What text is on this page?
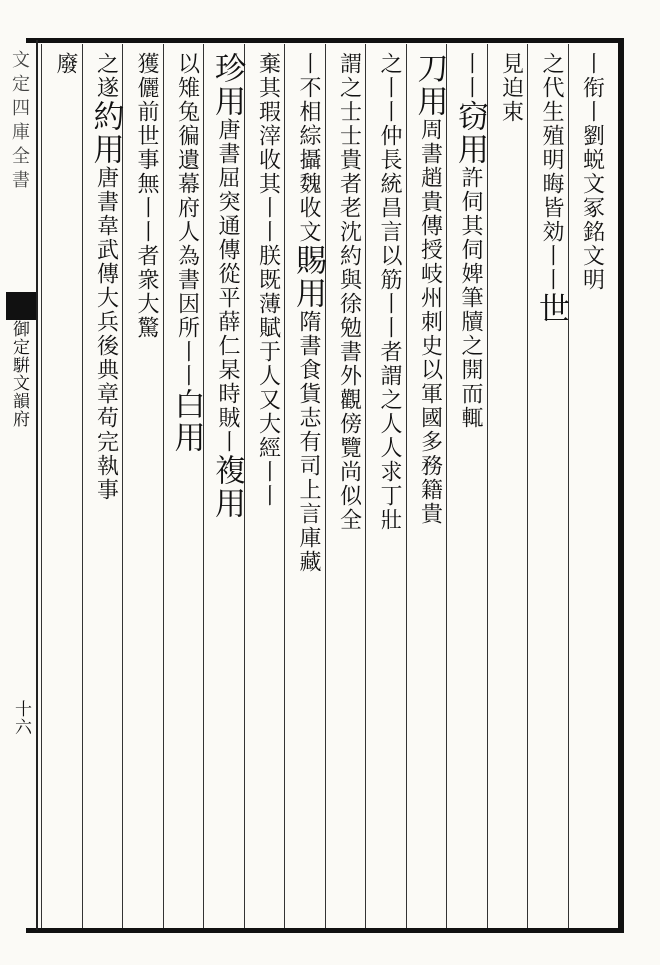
文定四庫全書
御定騈文韻府
十六
丨衔丨劉蜕文冢銘文明
之代生殖明晦皆効丨丨世
見迫束
丨丨窃用許伺其伺婢筆牘之開而輒
刀用周書趙貴傳授岐州刺史以軍國多務籍貴
之丨丨仲長統昌言以筋丨丨者謂之人人求丁壯
謂之士士貴者老沈約與徐勉書外觀傍覽尚似全
丨不相綜攝魏收文賜用隋書食貨志有司上言庫藏
棄其瑕滓收其丨丨朕既薄賦于人又大經丨丨
珍用唐書屈突通傳從平薛仁杲時賊丨複用
以雉兔徧遺幕府人為書因所丨丨白用
獲儷前世事無丨丨者衆大驚
之遂約用唐書韋武傳大兵後典章苟完執事
廢
